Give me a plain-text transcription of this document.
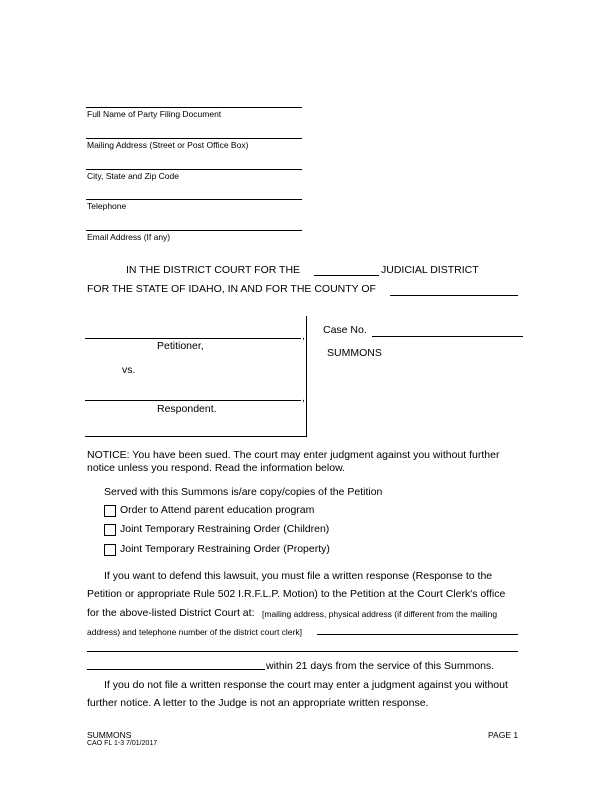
Full Name of Party Filing Document
Mailing Address (Street or Post Office Box)
City, State and Zip Code
Telephone
Email Address (If any)
IN THE DISTRICT COURT FOR THE	JUDICIAL DISTRICT
FOR THE STATE OF IDAHO, IN AND FOR THE COUNTY OF
,
Petitioner,
vs.
,
Respondent.
Case No.
SUMMONS
NOTICE: You have been sued. The court may enter judgment against you without further
notice unless you respond. Read the information below.
Served with this Summons is/are copy/copies of the Petition
Order to Attend parent education program
Joint Temporary Restraining Order (Children)
Joint Temporary Restraining Order (Property)
If you want to defend this lawsuit, you must file a written response (Response to the
Petition or appropriate Rule 502 I.R.F.L.P. Motion) to the Petition at the Court Clerk's office
for the above-listed District Court at: [mailing address, physical address (if different from the mailing
address) and telephone number of the district court clerk]
within 21 days from the service of this Summons.
If you do not file a written response the court may enter a judgment against you without
further notice. A letter to the Judge is not an appropriate written response.
SUMMONS
CAO FL 1-3 7/01/2017
PAGE 1
